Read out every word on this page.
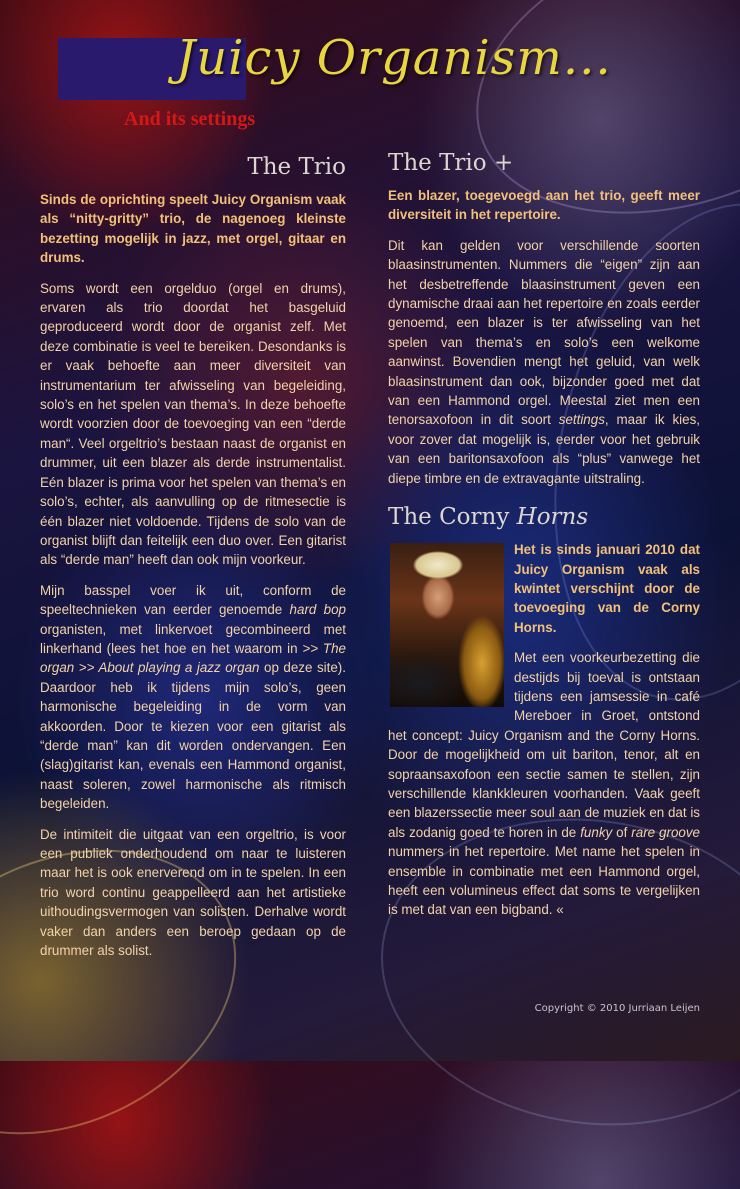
Juicy Organism...
And its settings
The Trio

Sinds de oprichting speelt Juicy Organism vaak als “nitty-gritty” trio, de nagenoeg kleinste bezetting mogelijk in jazz, met orgel, gitaar en drums.

Soms wordt een orgelduo (orgel en drums), ervaren als trio doordat het basgeluid geproduceerd wordt door de organist zelf. Met deze combinatie is veel te bereiken. Desondanks is er vaak behoefte aan meer diversiteit van instrumentarium ter afwisseling van begeleiding, solo’s en het spelen van thema’s. In deze behoefte wordt voorzien door de toevoeging van een “derde man“. Veel orgeltrio’s bestaan naast de organist en drummer, uit een blazer als derde instrumentalist. Eén blazer is prima voor het spelen van thema’s en solo’s, echter, als aanvulling op de ritmesectie is één blazer niet voldoende. Tijdens de solo van de organist blijft dan feitelijk een duo over. Een gitarist als “derde man” heeft dan ook mijn voorkeur.

Mijn basspel voer ik uit, conform de speeltechnieken van eerder genoemde hard bop organisten, met linkervoet gecombineerd met linkerhand (lees het hoe en het waarom in >> The organ >> About playing a jazz organ op deze site). Daardoor heb ik tijdens mijn solo’s, geen harmonische begeleiding in de vorm van akkoorden. Door te kiezen voor een gitarist als “derde man” kan dit worden ondervangen. Een (slag)gitarist kan, evenals een Hammond organist, naast soleren, zowel harmonische als ritmisch begeleiden.

De intimiteit die uitgaat van een orgeltrio, is voor een publiek onderhoudend om naar te luisteren maar het is ook enerverend om in te spelen. In een trio word continu geappelleerd aan het artistieke uithoudingsvermogen van solisten. Derhalve wordt vaker dan anders een beroep gedaan op de drummer als solist.

The Trio +

Een blazer, toegevoegd aan het trio, geeft meer diversiteit in het repertoire.

Dit kan gelden voor verschillende soorten blaasinstrumenten. Nummers die “eigen” zijn aan het desbetreffende blaasinstrument geven een dynamische draai aan het repertoire en zoals eerder genoemd, een blazer is ter afwisseling van het spelen van thema’s en solo’s een welkome aanwinst. Bovendien mengt het geluid, van welk blaasinstrument dan ook, bijzonder goed met dat van een Hammond orgel. Meestal ziet men een tenorsaxofoon in dit soort settings, maar ik kies, voor zover dat mogelijk is, eerder voor het gebruik van een baritonsaxofoon als “plus” vanwege het diepe timbre en de extravagante uitstraling.

The Corny Horns

Het is sinds januari 2010 dat Juicy Organism vaak als kwintet verschijnt door de toevoeging van de Corny Horns.

Met een voorkeurbezetting die destijds bij toeval is ontstaan tijdens een jamsessie in café Mereboer in Groet, ontstond het concept: Juicy Organism and the Corny Horns. Door de mogelijkheid om uit bariton, tenor, alt en sopraansaxofoon een sectie samen te stellen, zijn verschillende klankkleuren voorhanden. Vaak geeft een blazerssectie meer soul aan de muziek en dat is als zodanig goed te horen in de funky of rare groove nummers in het repertoire. Met name het spelen in ensemble in combinatie met een Hammond orgel, heeft een volumineus effect dat soms te vergelijken is met dat van een bigband. «

Copyright © 2010 Jurriaan Leijen
